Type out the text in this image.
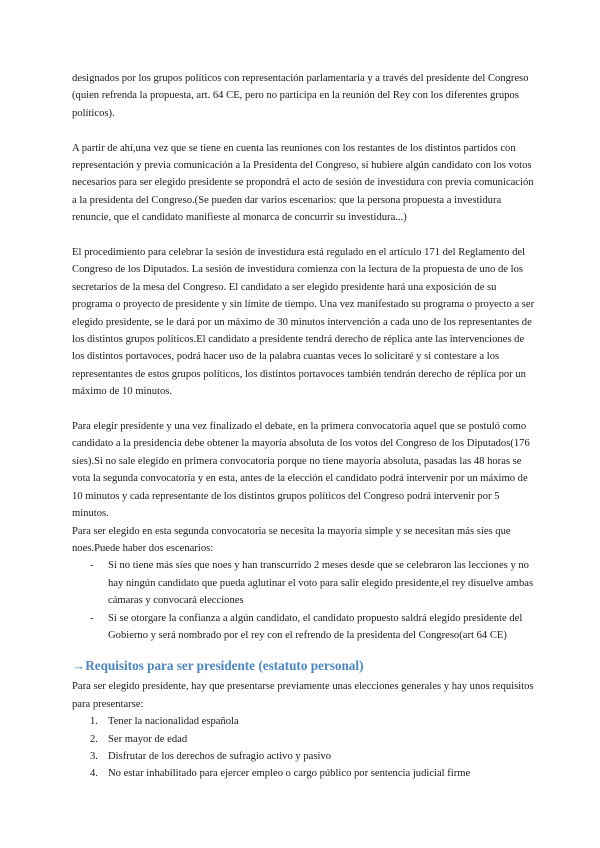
designados por los grupos políticos con representación parlamentaria y a través del presidente del Congreso (quien refrenda la propuesta, art. 64 CE, pero no participa en la reunión del Rey con los diferentes grupos políticos).

A partir de ahí,una vez que se tiene en cuenta las reuniones con los restantes de los distintos partidos con representación y previa comunicación a la Presidenta del Congreso, si hubiere algún candidato con los votos necesarios para ser elegido presidente se propondrá el acto de sesión de investidura con previa comunicación a la presidenta del Congreso.(Se pueden dar varios escenarios: que la persona propuesta a investidura renuncie, que el candidato manifieste al monarca de concurrir su investidura...)

El procedimiento para celebrar la sesión de investidura está regulado en el artículo 171 del Reglamento del Congreso de los Diputados. La sesión de investidura comienza con la lectura de la propuesta de uno de los secretarios de la mesa del Congreso. El candidato a ser elegido presidente hará una exposición de su programa o proyecto de presidente y sin límite de tiempo. Una vez manifestado su programa o proyecto a ser elegido presidente, se le dará por un máximo de 30 minutos intervención a cada uno de los representantes de los distintos grupos políticos.El candidato a presidente tendrá derecho de réplica ante las intervenciones de los distintos portavoces, podrá hacer uso de la palabra cuantas veces lo solicitaré y si contestare a los representantes de estos grupos políticos, los distintos portavoces también tendrán derecho de réplica por un máximo de 10 minutos.

Para elegir presidente y una vez finalizado el debate, en la primera convocatoria aquel que se postuló como candidato a la presidencia debe obtener la mayoría absoluta de los votos del Congreso de los Diputados(176 síes).Si no sale elegido en primera convocatoria porque no tiene mayoría absoluta, pasadas las 48 horas se vota la segunda convocatoria y en esta, antes de la elección el candidato podrá intervenir por un máximo de 10 minutos y cada representante de los distintos grupos políticos del Congreso podrá intervenir por 5 minutos.

Para ser elegido en esta segunda convocatoria se necesita la mayoría simple y se necesitan más síes que noes.Puede haber dos escenarios:

- Si no tiene más síes que noes y han transcurrido 2 meses desde que se celebraron las lecciones y no hay ningún candidato que pueda aglutinar el voto para salir elegido presidente,el rey disuelve ambas cámaras y convocará elecciones
- Si se otorgare la confianza a algún candidato, el candidato propuesto saldrá elegido presidente del Gobierno y será nombrado por el rey con el refrendo de la presidenta del Congreso(art 64 CE)
→Requisitos para ser presidente (estatuto personal)

Para ser elegido presidente, hay que presentarse previamente unas elecciones generales y hay unos requisitos para presentarse:

1. Tener la nacionalidad española
2. Ser mayor de edad
3. Disfrutar de los derechos de sufragio activo y pasivo
4. No estar inhabilitado para ejercer empleo o cargo público por sentencia judicial firme
